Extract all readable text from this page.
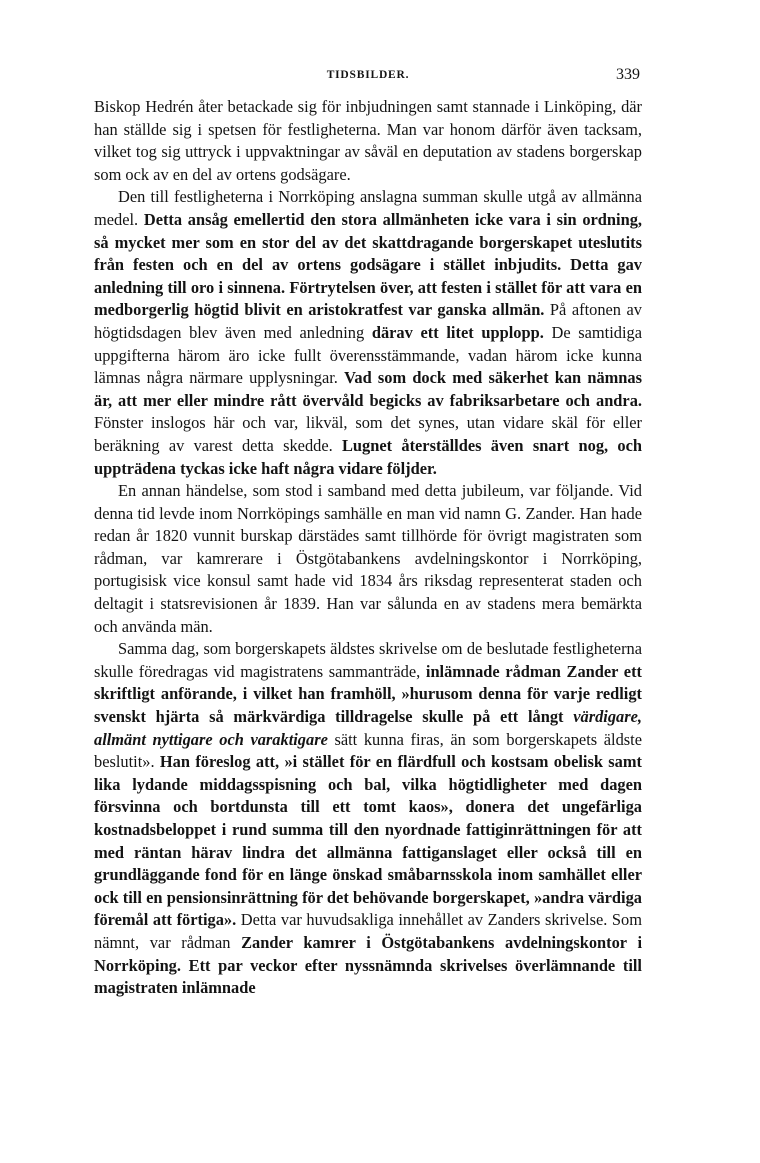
TIDSBILDER.	339

Biskop Hedrén åter betackade sig för inbjudningen samt stannade i Linköping, där han ställde sig i spetsen för festligheterna. Man var honom därför även tacksam, vilket tog sig uttryck i uppvaktningar av såväl en deputation av stadens borgerskap som ock av en del av ortens godsägare.

Den till festligheterna i Norrköping anslagna summan skulle utgå av allmänna medel. Detta ansåg emellertid den stora allmänheten icke vara i sin ordning, så mycket mer som en stor del av det skattdragande borgerskapet uteslutits från festen och en del av ortens godsägare i stället inbjudits. Detta gav anledning till oro i sinnena. Förtrytelsen över, att festen i stället för att vara en medborgerlig högtid blivit en aristokratfest var ganska allmän. På aftonen av högtidsdagen blev även med anledning därav ett litet upplopp. De samtidiga uppgifterna härom äro icke fullt överensstämmande, vadan härom icke kunna lämnas några närmare upplysningar. Vad som dock med säkerhet kan nämnas är, att mer eller mindre rått övervåld begicks av fabriksarbetare och andra. Fönster inslogos här och var, likväl, som det synes, utan vidare skäl för eller beräkning av varest detta skedde. Lugnet återställdes även snart nog, och uppträdena tyckas icke haft några vidare följder.

En annan händelse, som stod i samband med detta jubileum, var följande. Vid denna tid levde inom Norrköpings samhälle en man vid namn G. Zander. Han hade redan år 1820 vunnit burskap därstädes samt tillhörde för övrigt magistraten som rådman, var kamrerare i Östgötabankens avdelningskontor i Norrköping, portugisisk vice konsul samt hade vid 1834 års riksdag representerat staden och deltagit i statsrevisionen år 1839. Han var sålunda en av stadens mera bemärkta och använda män.

Samma dag, som borgerskapets äldstes skrivelse om de beslutade festligheterna skulle föredragas vid magistratens sammanträde, inlämnade rådman Zander ett skriftligt anförande, i vilket han framhöll, »hurusom denna för varje redligt svenskt hjärta så märkvärdiga tilldragelse skulle på ett långt värdigare, allmänt nyttigare och varaktigare sätt kunna firas, än som borgerskapets äldste beslutit». Han föreslog att, »i stället för en flärdfull och kostsam obelisk samt lika lydande middagsspisning och bal, vilka högtidligheter med dagen försvinna och bortdunsta till ett tomt kaos», donera det ungefärliga kostnadsbeloppet i rund summa till den nyordnade fattiginrättningen för att med räntan härav lindra det allmänna fattiganslaget eller också till en grundläggande fond för en länge önskad småbarnsskola inom samhället eller ock till en pensionsinrättning för det behövande borgerskapet, »andra värdiga föremål att förtiga». Detta var huvudsakliga innehållet av Zanders skrivelse. Som nämnt, var rådman Zander kamrer i Östgötabankens avdelningskontor i Norrköping. Ett par veckor efter nyssnämnda skrivelses överlämnande till magistraten inlämnade
